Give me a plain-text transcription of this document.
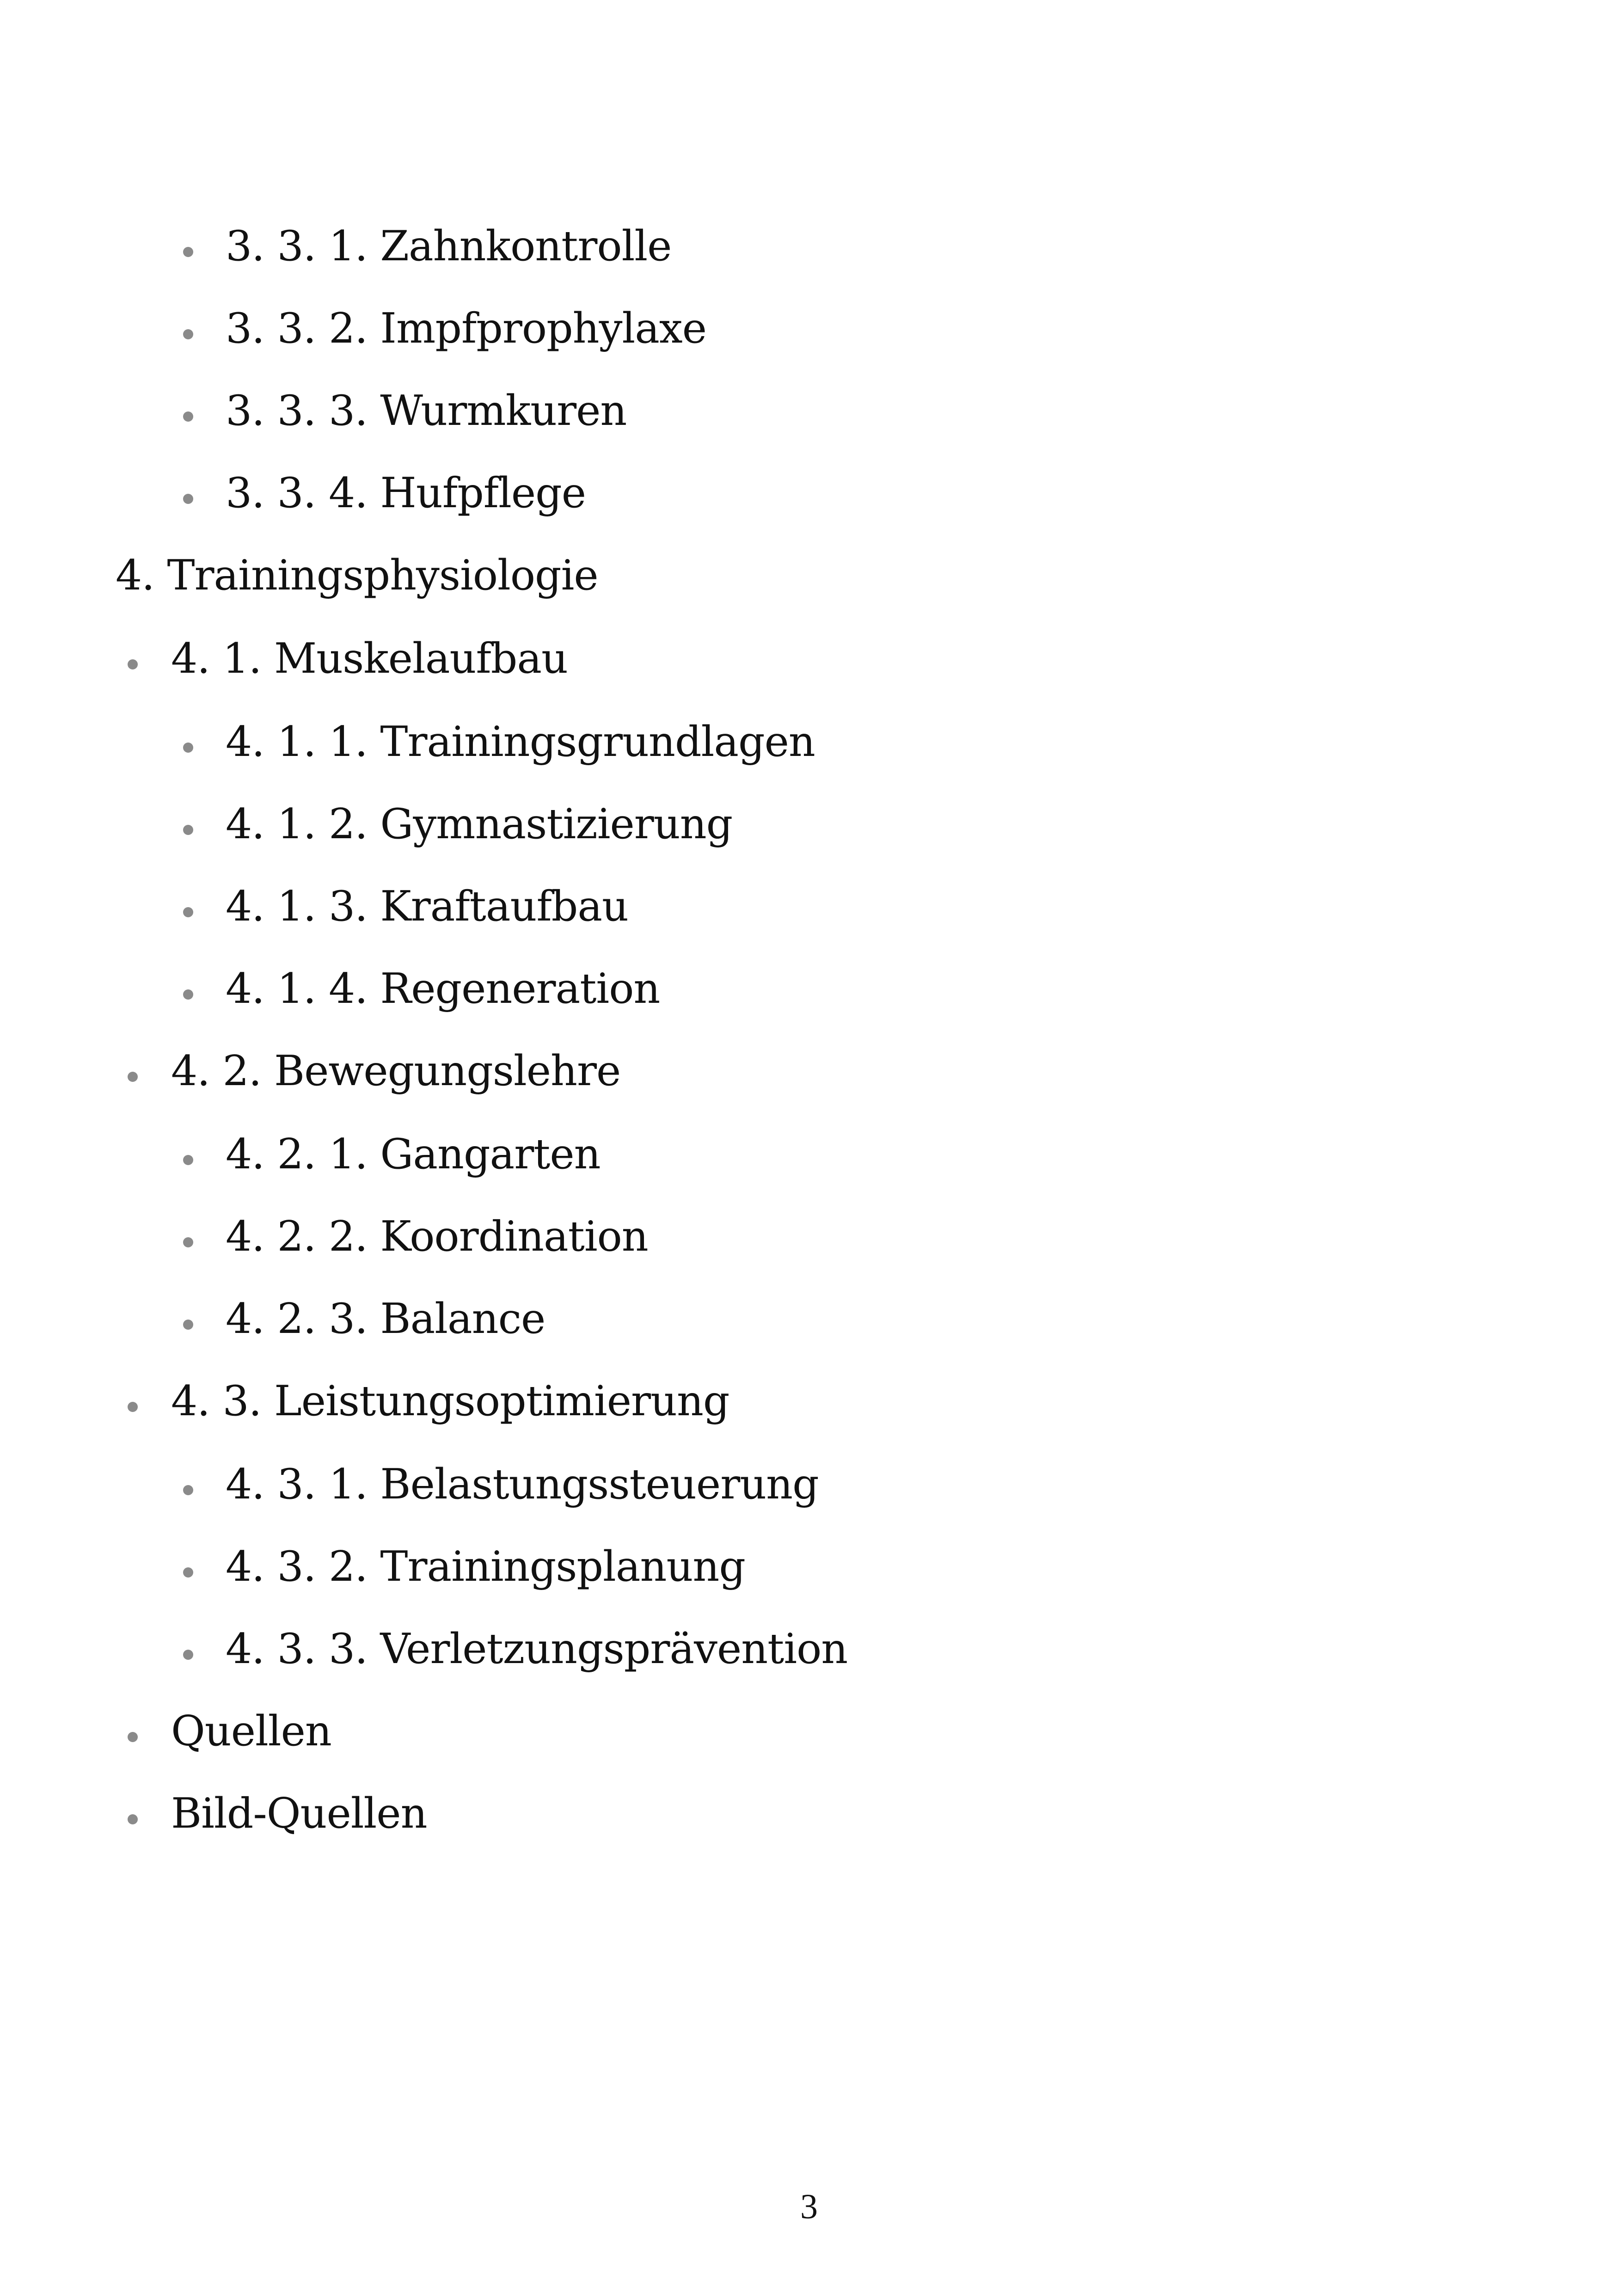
3. 3. 1. Zahnkontrolle
3. 3. 2. Impfprophylaxe
3. 3. 3. Wurmkuren
3. 3. 4. Hufpflege
4. Trainingsphysiologie
4. 1. Muskelaufbau
4. 1. 1. Trainingsgrundlagen
4. 1. 2. Gymnastizierung
4. 1. 3. Kraftaufbau
4. 1. 4. Regeneration
4. 2. Bewegungslehre
4. 2. 1. Gangarten
4. 2. 2. Koordination
4. 2. 3. Balance
4. 3. Leistungsoptimierung
4. 3. 1. Belastungssteuerung
4. 3. 2. Trainingsplanung
4. 3. 3. Verletzungsprävention
Quellen
Bild-Quellen
3
